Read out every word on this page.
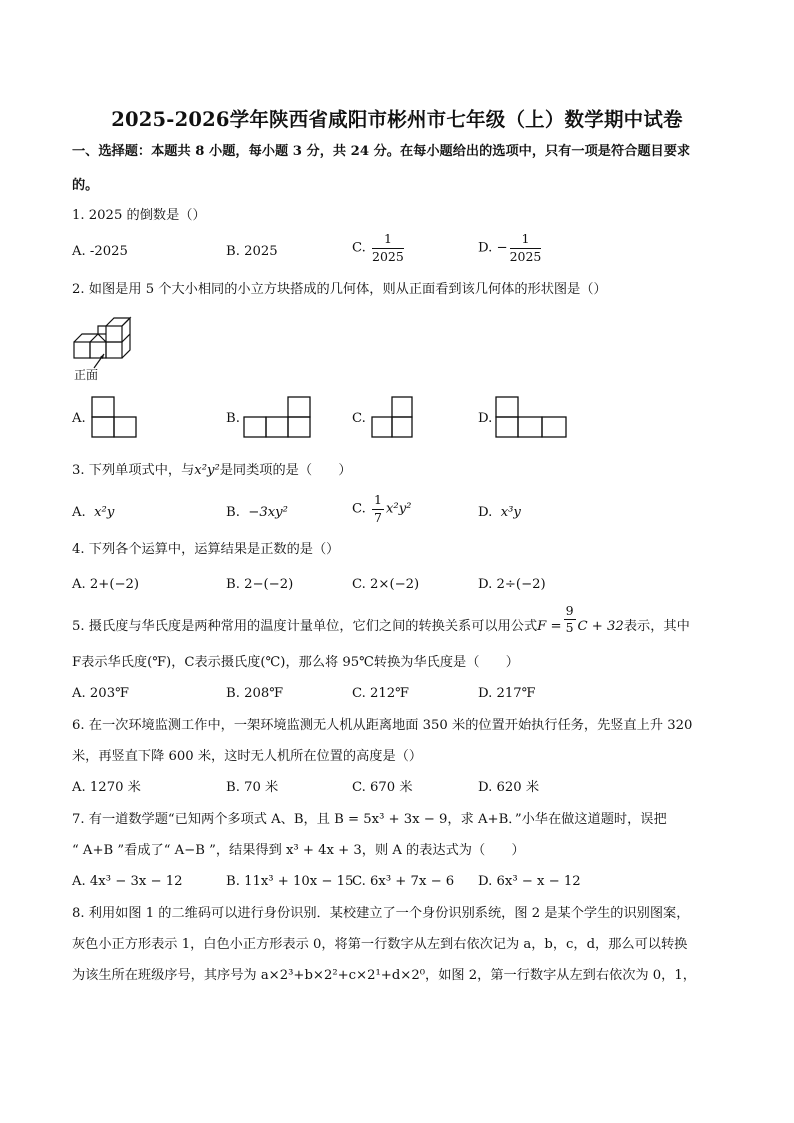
2025-2026学年陕西省咸阳市彬州市七年级（上）数学期中试卷
一、选择题：本题共 8 小题，每小题 3 分，共 24 分。在每小题给出的选项中，只有一项是符合题目要求
的。
1. 2025 的倒数是（）
A. -2025	B. 2025	C. $\frac{1}{2025}$	D. − $\frac{1}{2025}$
2. 如图是用 5 个大小相同的小立方块搭成的几何体，则从正面看到该几何体的形状图是（）
正面
A.	B.	C.	D.
3. 下列单项式中，与x²y²是同类项的是（　　）
A. x²y	B. −3xy²	C. $\frac{1}{7} x^2y^2$	D. x³y
4. 下列各个运算中，运算结果是正数的是（）
A. 2+(−2)	B. 2−(−2)	C. 2×(−2)	D. 2÷(−2)
5. 摄氏度与华氏度是两种常用的温度计量单位，它们之间的转换关系可以用公式$F = \frac{9}{5}$ C + 32表示，其中
F表示华氏度(℉)，C表示摄氏度(℃)，那么将 95℃转换为华氏度是（　　）
A. 203℉	B. 208℉	C. 212℉	D. 217℉
6. 在一次环境监测工作中，一架环境监测无人机从距离地面 350 米的位置开始执行任务，先竖直上升 320
米，再竖直下降 600 米，这时无人机所在位置的高度是（）
A. 1270 米	B. 70 米	C. 670 米	D. 620 米
7. 有一道数学题“已知两个多项式 A、B，且 B = 5x³ + 3x − 9，求 A+B．”小华在做这道题时，误把
“ A+B ”看成了“ A−B ”，结果得到 x³ + 4x + 3，则 A 的表达式为（　　）
A. 4x³ − 3x − 12	B. 11x³ + 10x − 15
C. 6x³ + 7x − 6 D. 6x³ − x − 12
8. 利用如图 1 的二维码可以进行身份识别．某校建立了一个身份识别系统，图 2 是某个学生的识别图案，
灰色小正方形表示 1，白色小正方形表示 0，将第一行数字从左到右依次记为 a，b，c，d，那么可以转换
为该生所在班级序号，其序号为 a×2³+b×2²+c×2¹+d×2⁰，如图 2，第一行数字从左到右依次为 0，1，
